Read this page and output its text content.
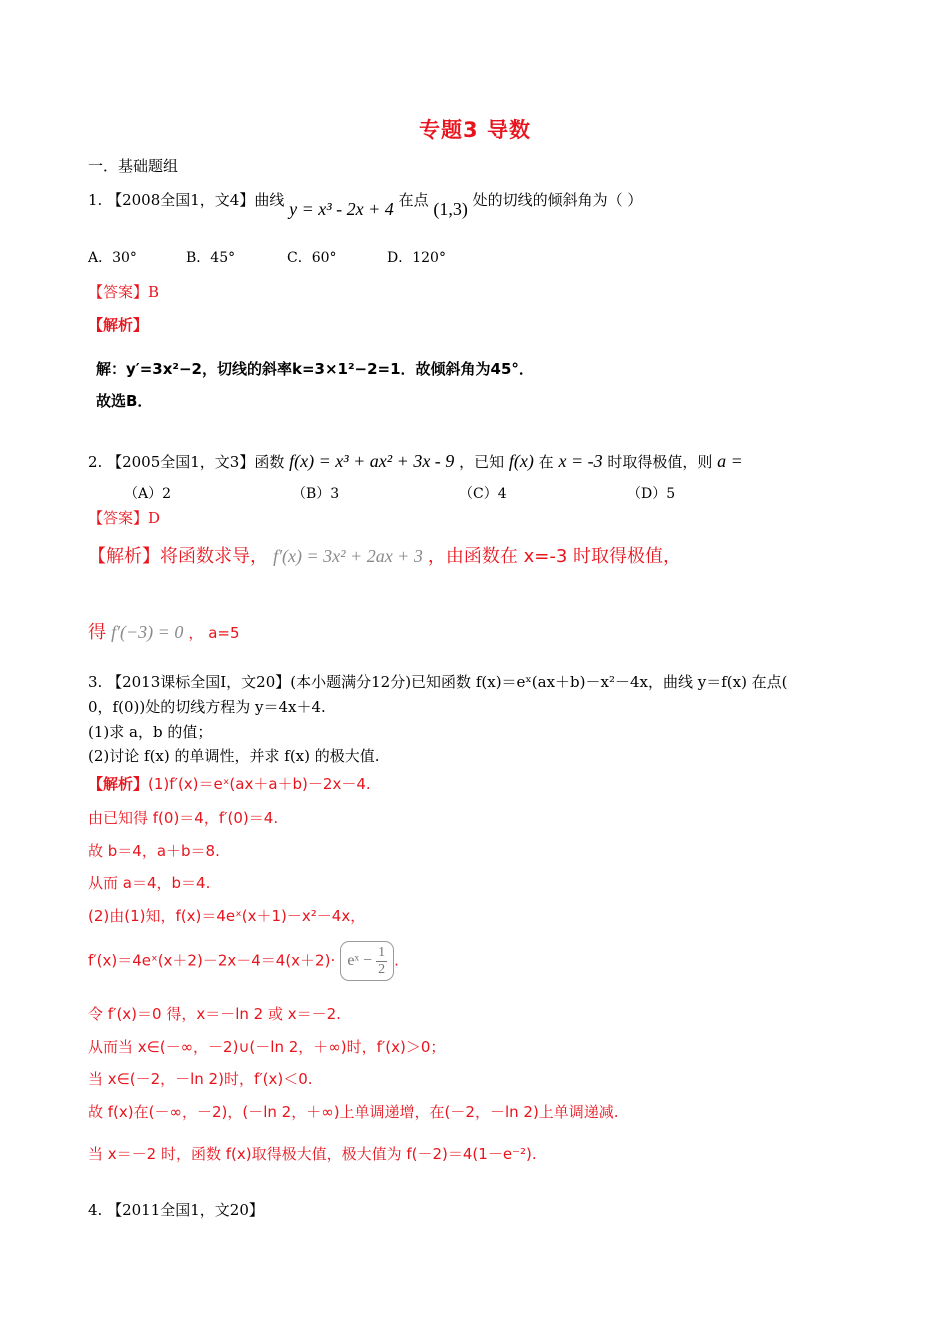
专题3 导数
一．基础题组
1. 【2008全国1，文4】曲线 y = x³ - 2x + 4 在点 (1,3) 处的切线的倾斜角为（ ）
A．30°	B．45°	C．60°	D．120°
【答案】B
【解析】
解：y′=3x²−2，切线的斜率k=3×1²−2=1．故倾斜角为45°．
故选B．
2. 【2005全国1，文3】函数 f(x) = x³ + ax² + 3x - 9 ，已知 f(x) 在 x = -3 时取得极值，则 a =
（A）2	（B）3	（C）4	（D）5
【答案】D
【解析】将函数求导， f′(x) = 3x² + 2ax + 3 ，由函数在 x=-3 时取得极值，
得 f′(−3) = 0 ， a=5
3. 【2013课标全国Ⅰ，文20】(本小题满分12分)已知函数 f(x)＝eˣ(ax＋b)－x²－4x，曲线 y＝f(x) 在点(
0，f(0))处的切线方程为 y＝4x＋4.
(1)求 a，b 的值；
(2)讨论 f(x) 的单调性，并求 f(x) 的极大值.
【解析】(1)f′(x)＝eˣ(ax＋a＋b)－2x－4.
由已知得 f(0)＝4，f′(0)＝4.
故 b＝4，a＋b＝8.
从而 a＝4，b＝4.
(2)由(1)知，f(x)＝4eˣ(x＋1)－x²－4x，
f′(x)＝4eˣ(x＋2)－2x－4＝4(x＋2)· eˣ − $\frac{1}{2}$ .
令 f′(x)＝0 得，x＝－ln 2 或 x＝－2.
从而当 x∈(－∞，－2)∪(－ln 2，＋∞)时，f′(x)＞0；
当 x∈(－2，－ln 2)时，f′(x)＜0.
故 f(x)在(－∞，－2)，(－ln 2，＋∞)上单调递增，在(－2，－ln 2)上单调递减.
当 x＝－2 时，函数 f(x)取得极大值，极大值为 f(－2)＝4(1－e⁻²).
4. 【2011全国1，文20】
